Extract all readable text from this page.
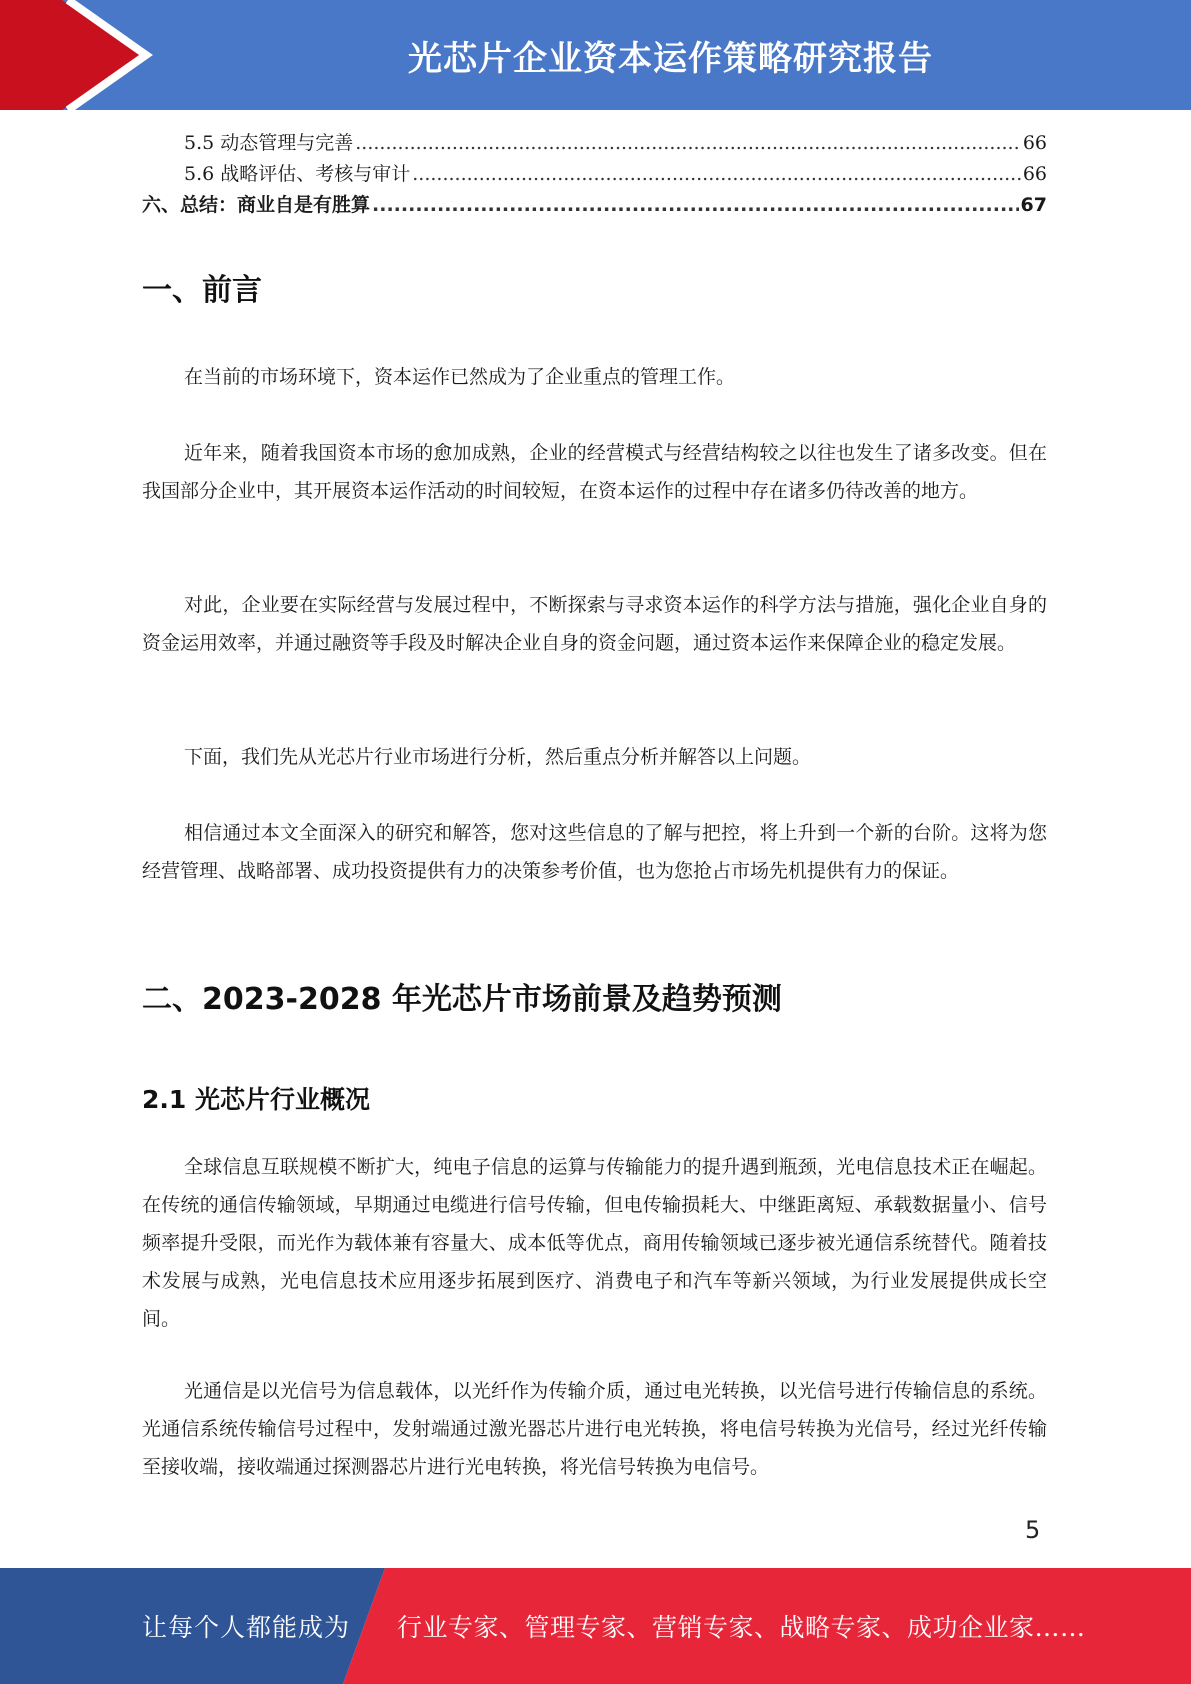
光芯片企业资本运作策略研究报告
5.5 动态管理与完善 .....	66
5.6 战略评估、考核与审计 .....	66
六、总结：商业自是有胜算 .....	67
一、前言

在当前的市场环境下，资本运作已然成为了企业重点的管理工作。

近年来，随着我国资本市场的愈加成熟，企业的经营模式与经营结构较之以往也发生了诸多改变。但在我国部分企业中，其开展资本运作活动的时间较短，在资本运作的过程中存在诸多仍待改善的地方。

对此，企业要在实际经营与发展过程中，不断探索与寻求资本运作的科学方法与措施，强化企业自身的资金运用效率，并通过融资等手段及时解决企业自身的资金问题，通过资本运作来保障企业的稳定发展。

下面，我们先从光芯片行业市场进行分析，然后重点分析并解答以上问题。

相信通过本文全面深入的研究和解答，您对这些信息的了解与把控，将上升到一个新的台阶。这将为您经营管理、战略部署、成功投资提供有力的决策参考价值，也为您抢占市场先机提供有力的保证。

二、2023-2028 年光芯片市场前景及趋势预测
2.1 光芯片行业概况

全球信息互联规模不断扩大，纯电子信息的运算与传输能力的提升遇到瓶颈，光电信息技术正在崛起。在传统的通信传输领域，早期通过电缆进行信号传输，但电传输损耗大、中继距离短、承载数据量小、信号频率提升受限，而光作为载体兼有容量大、成本低等优点，商用传输领域已逐步被光通信系统替代。随着技术发展与成熟，光电信息技术应用逐步拓展到医疗、消费电子和汽车等新兴领域，为行业发展提供成长空间。

光通信是以光信号为信息载体，以光纤作为传输介质，通过电光转换，以光信号进行传输信息的系统。光通信系统传输信号过程中，发射端通过激光器芯片进行电光转换，将电信号转换为光信号，经过光纤传输至接收端，接收端通过探测器芯片进行光电转换，将光信号转换为电信号。

5
让每个人都能成为 行业专家、管理专家、营销专家、战略专家、成功企业家……
